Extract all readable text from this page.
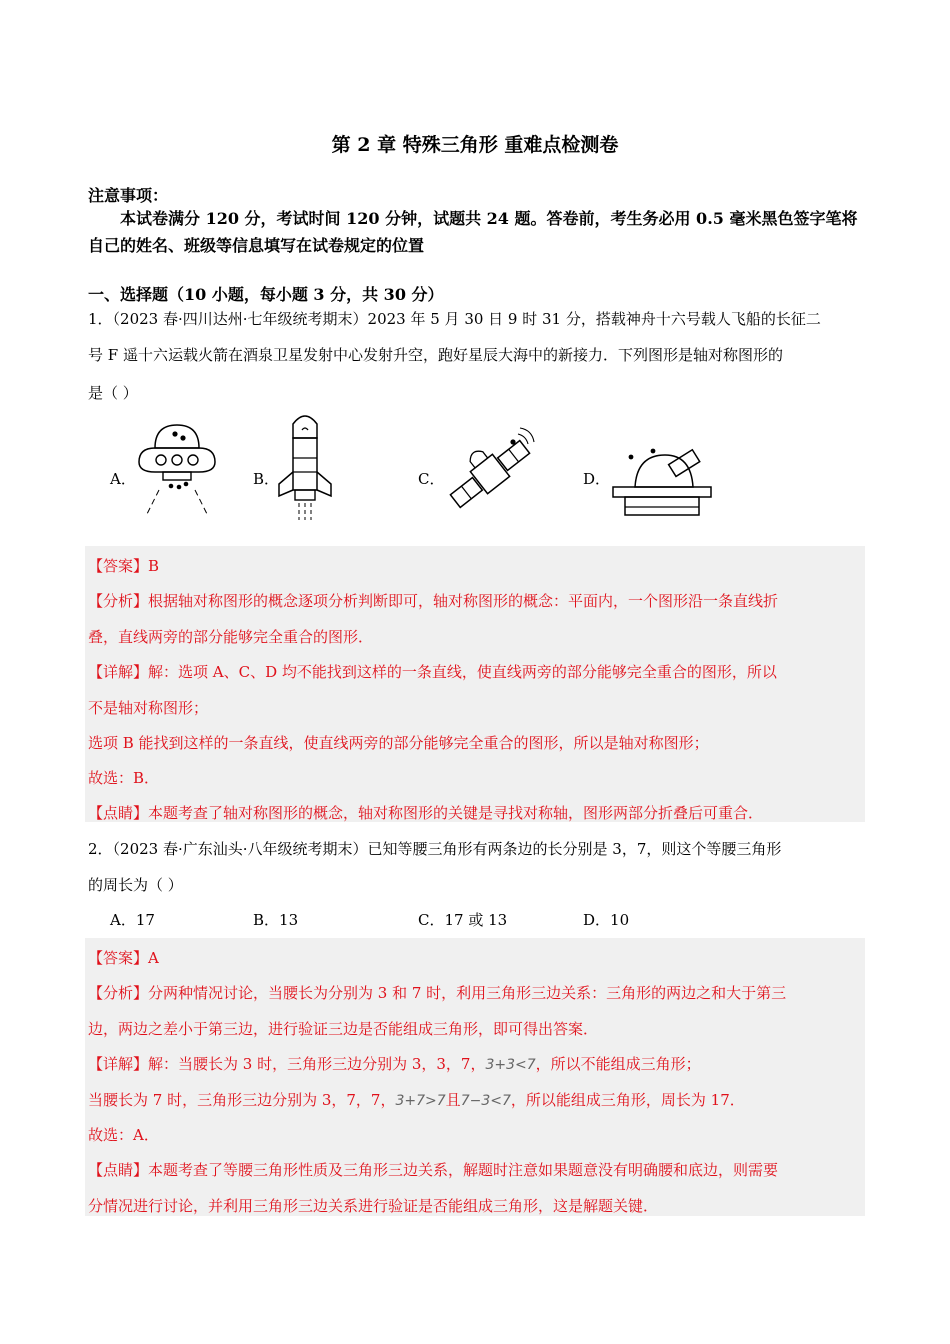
第 2 章 特殊三角形 重难点检测卷
注意事项：
本试卷满分 120 分，考试时间 120 分钟，试题共 24 题。答卷前，考生务必用 0.5 毫米黑色签字笔将自己的姓名、班级等信息填写在试卷规定的位置
一、选择题（10 小题，每小题 3 分，共 30 分）
1．（2023 春·四川达州·七年级统考期末）2023 年 5 月 30 日 9 时 31 分，搭载神舟十六号载人飞船的长征二
号 F 遥十六运载火箭在酒泉卫星发射中心发射升空，跑好星辰大海中的新接力．下列图形是轴对称图形的
是（ ）
A．	B．	C．	D．
【答案】B
【分析】根据轴对称图形的概念逐项分析判断即可，轴对称图形的概念：平面内，一个图形沿一条直线折
叠，直线两旁的部分能够完全重合的图形．
【详解】解：选项 A、C、D 均不能找到这样的一条直线，使直线两旁的部分能够完全重合的图形，所以
不是轴对称图形；
选项 B 能找到这样的一条直线，使直线两旁的部分能够完全重合的图形，所以是轴对称图形；
故选：B．
【点睛】本题考查了轴对称图形的概念，轴对称图形的关键是寻找对称轴，图形两部分折叠后可重合．
2．（2023 春·广东汕头·八年级统考期末）已知等腰三角形有两条边的长分别是 3，7，则这个等腰三角形
的周长为（ ）
A．17	B．13	C．17 或 13	D．10
【答案】A
【分析】分两种情况讨论，当腰长为分别为 3 和 7 时，利用三角形三边关系：三角形的两边之和大于第三
边，两边之差小于第三边，进行验证三边是否能组成三角形，即可得出答案．
【详解】解：当腰长为 3 时，三角形三边分别为 3，3，7，3+3<7，所以不能组成三角形；
当腰长为 7 时，三角形三边分别为 3，7，7，3+7>7且7−3<7，所以能组成三角形，周长为 17．
故选：A．
【点睛】本题考查了等腰三角形性质及三角形三边关系，解题时注意如果题意没有明确腰和底边，则需要
分情况进行讨论，并利用三角形三边关系进行验证是否能组成三角形，这是解题关键．
